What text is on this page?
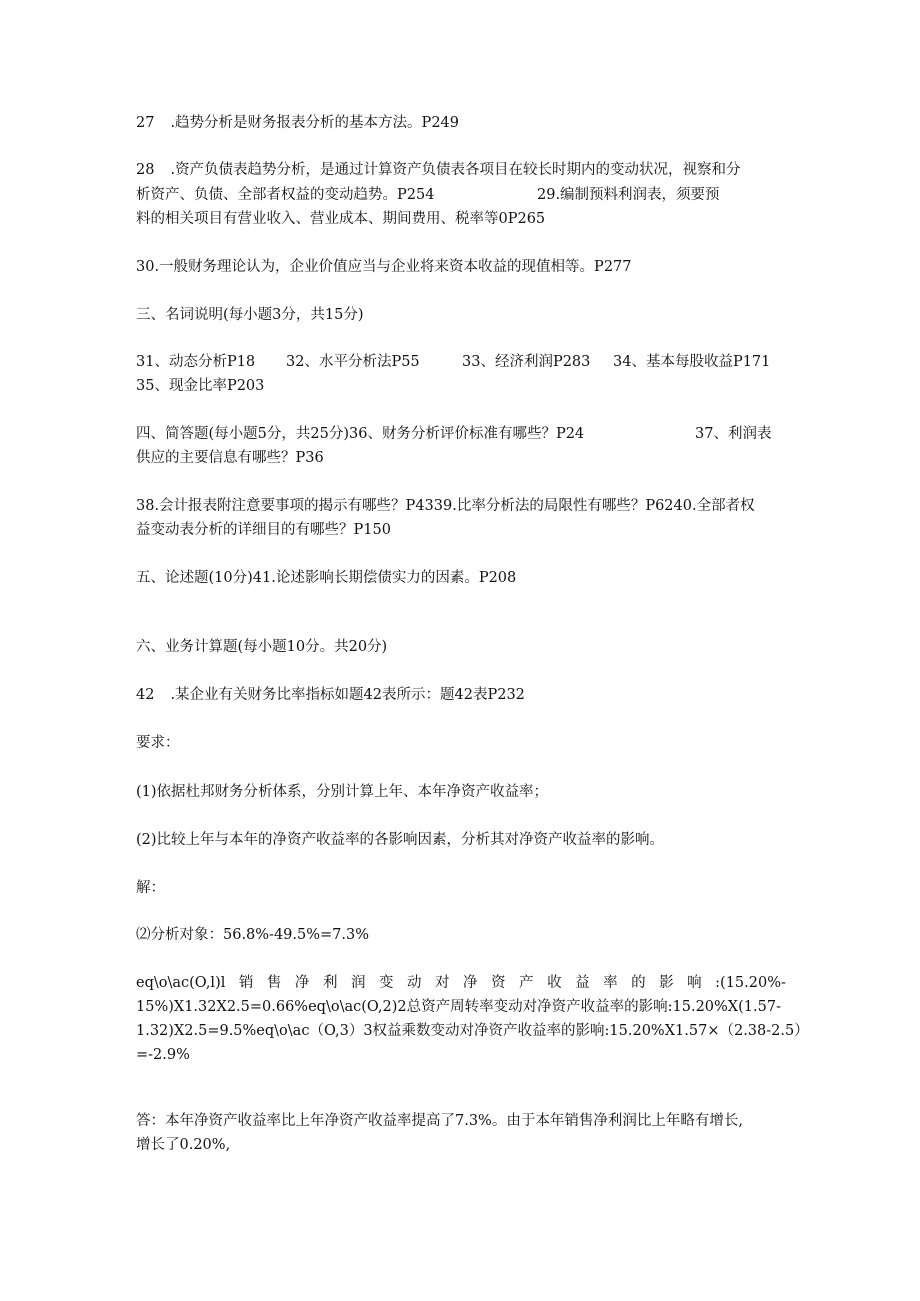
27 .趋势分析是财务报表分析的基本方法。P249
28 .资产负债表趋势分析，是通过计算资产负债表各项目在较长时期内的变动状况，视察和分
析资产、负债、全部者权益的变动趋势。P254	29.编制预料利润表，须要预
料的相关项目有营业收入、营业成本、期间费用、税率等0P265
30.一般财务理论认为，企业价值应当与企业将来资本收益的现值相等。P277
三、名词说明(每小题3分，共15分)
31、动态分析P18 32、水平分析法P55	33、经济利润P283 34、基本每股收益P171
35、现金比率P203
四、简答题(每小题5分，共25分)36、财务分析评价标准有哪些？P24	37、利润表
供应的主要信息有哪些？P36
38.会计报表附注意要事项的揭示有哪些？P4339.比率分析法的局限性有哪些？P6240.全部者权
益变动表分析的详细目的有哪些？P150
五、论述题(10分)41.论述影响长期偿债实力的因素。P208
六、业务计算题(每小题10分。共20分)
42 .某企业有关财务比率指标如题42表所示：题42表P232
要求：
(1)依据杜邦财务分析体系，分别计算上年、本年净资产收益率；
(2)比较上年与本年的净资产收益率的各影响因素，分析其对净资产收益率的影响。
解：
⑵分析对象：56.8%-49.5%=7.3%
eq\o\ac(O,l)l 销 售 净 利 润 变 动 对 净 资 产 收 益 率 的 影 响 :(15.20%-
15%)X1.32X2.5=0.66%eq\o\ac(O,2)2总资产周转率变动对净资产收益率的影响:15.20%X(1.57-
1.32)X2.5=9.5%eq\o\ac（O,3）3权益乘数变动对净资产收益率的影响:15.20%X1.57×（2.38-2.5）
=-2.9%
答：本年净资产收益率比上年净资产收益率提高了7.3%。由于本年销售净利润比上年略有增长,
增长了0.20%,
